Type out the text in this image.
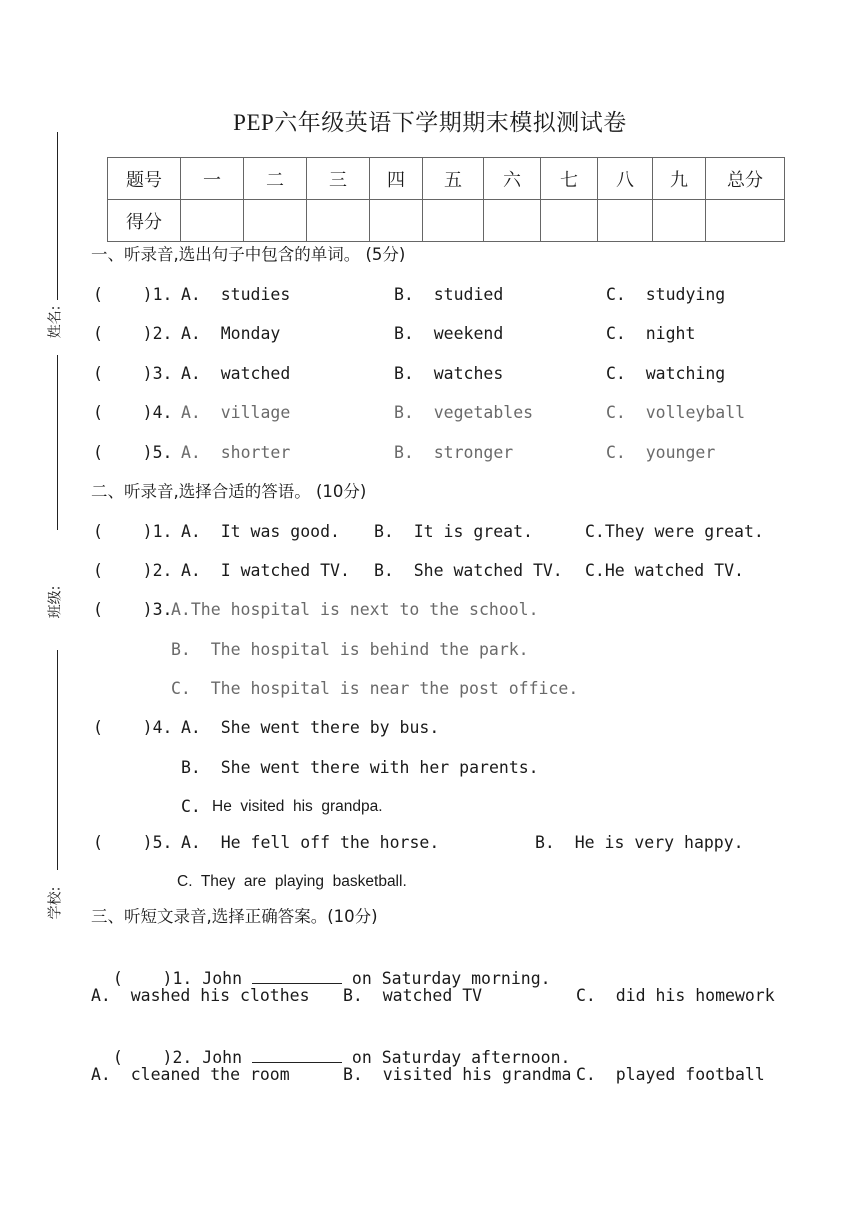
姓名:
班级:
学校:
PEP六年级英语下学期期末模拟测试卷
题号	一	二	三	四	五	六	七	八	九	总分
得分										
一、听录音,选出句子中包含的单词。 (5分)
(    )1. A.  studies	B.  studied	C.  studying
(    )2. A.  Monday	B.  weekend	C.  night
(    )3. A.  watched	B.  watches	C.  watching
(    )4. A.  village	B.  vegetables	C.  volleyball
(    )5. A.  shorter	B.  stronger	C.  younger
二、听录音,选择合适的答语。 (10分)
(    )1. A.  It was good. B.  It is great.	C.They were great.
(    )2. A.  I watched TV. B.  She watched TV. C.He watched TV.
(    )3.
A.The hospital is next to the school.
B.  The hospital is behind the park.
C.  The hospital is near the post office.
(    )4. A.  She went there by bus.
B.  She went there with her parents.
C. He  visited  his  grandpa.
(    )5. A.  He fell off the horse.	B.  He is very happy.
C.  They  are  playing  basketball.
三、听短文录音,选择正确答案。(10分)

(    )1. John	on Saturday morning.

A.  washed his clothes B.  watched TV	C.  did his homework

(    )2. John	on Saturday afternoon.

A.  cleaned the room	B.  visited his grandma C.  played football
